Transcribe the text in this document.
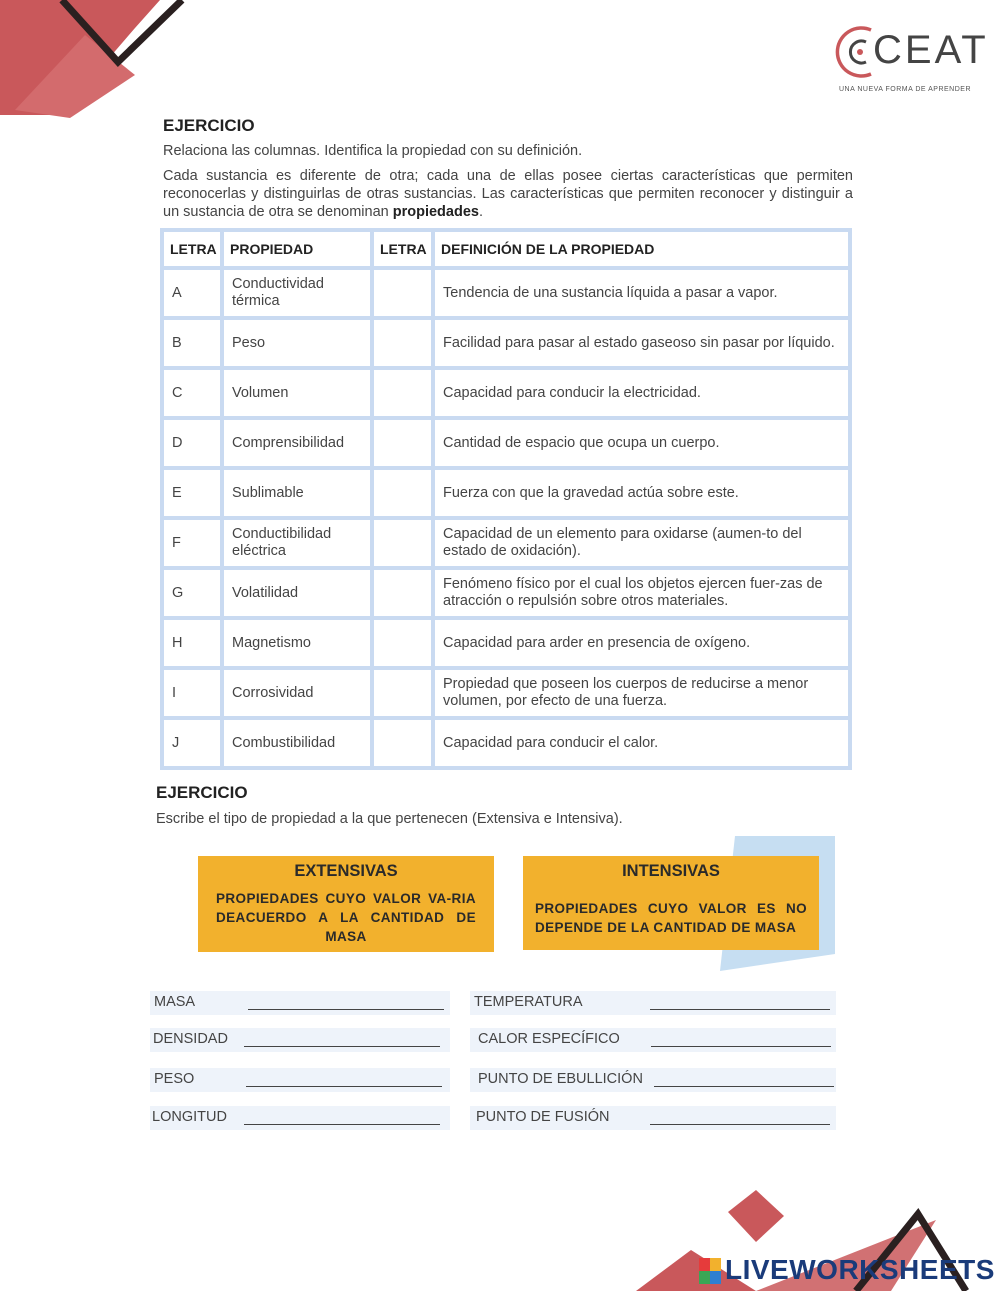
CEAT
UNA NUEVA FORMA DE APRENDER
EJERCICIO
Relaciona las columnas. Identifica la propiedad con su definición.
Cada sustancia es diferente de otra; cada una de ellas posee ciertas características que permiten reconocerlas y distinguirlas de otras sustancias. Las características que permiten reconocer y distinguir a un sustancia de otra se denominan propiedades.
LETRA	PROPIEDAD	LETRA	DEFINICIÓN DE LA PROPIEDAD
A	Conductividad térmica		Tendencia de una sustancia líquida a pasar a vapor.
B	Peso		Facilidad para pasar al estado gaseoso sin pasar por líquido.
C	Volumen		Capacidad para conducir la electricidad.
D	Comprensibilidad		Cantidad de espacio que ocupa un cuerpo.
E	Sublimable		Fuerza con que la gravedad actúa sobre este.
F	Conductibilidad eléctrica		Capacidad de un elemento para oxidarse (aumen-to del estado de oxidación).
G	Volatilidad		Fenómeno físico por el cual los objetos ejercen fuer-zas de atracción o repulsión sobre otros materiales.
H	Magnetismo		Capacidad para arder en presencia de oxígeno.
I	Corrosividad		Propiedad que poseen los cuerpos de reducirse a menor volumen, por efecto de una fuerza.
J	Combustibilidad		Capacidad para conducir el calor.
EJERCICIO
Escribe el tipo de propiedad a la que pertenecen (Extensiva e Intensiva).
EXTENSIVAS
PROPIEDADES CUYO VALOR VA-RIA DEACUERDO A LA CANTIDAD DE MASA
INTENSIVAS
PROPIEDADES CUYO VALOR ES NO DEPENDE DE LA CANTIDAD DE MASA
MASA
DENSIDAD
PESO
LONGITUD
TEMPERATURA
CALOR ESPECÍFICO
PUNTO DE EBULLICIÓN
PUNTO DE FUSIÓN
LIVEWORKSHEETS
